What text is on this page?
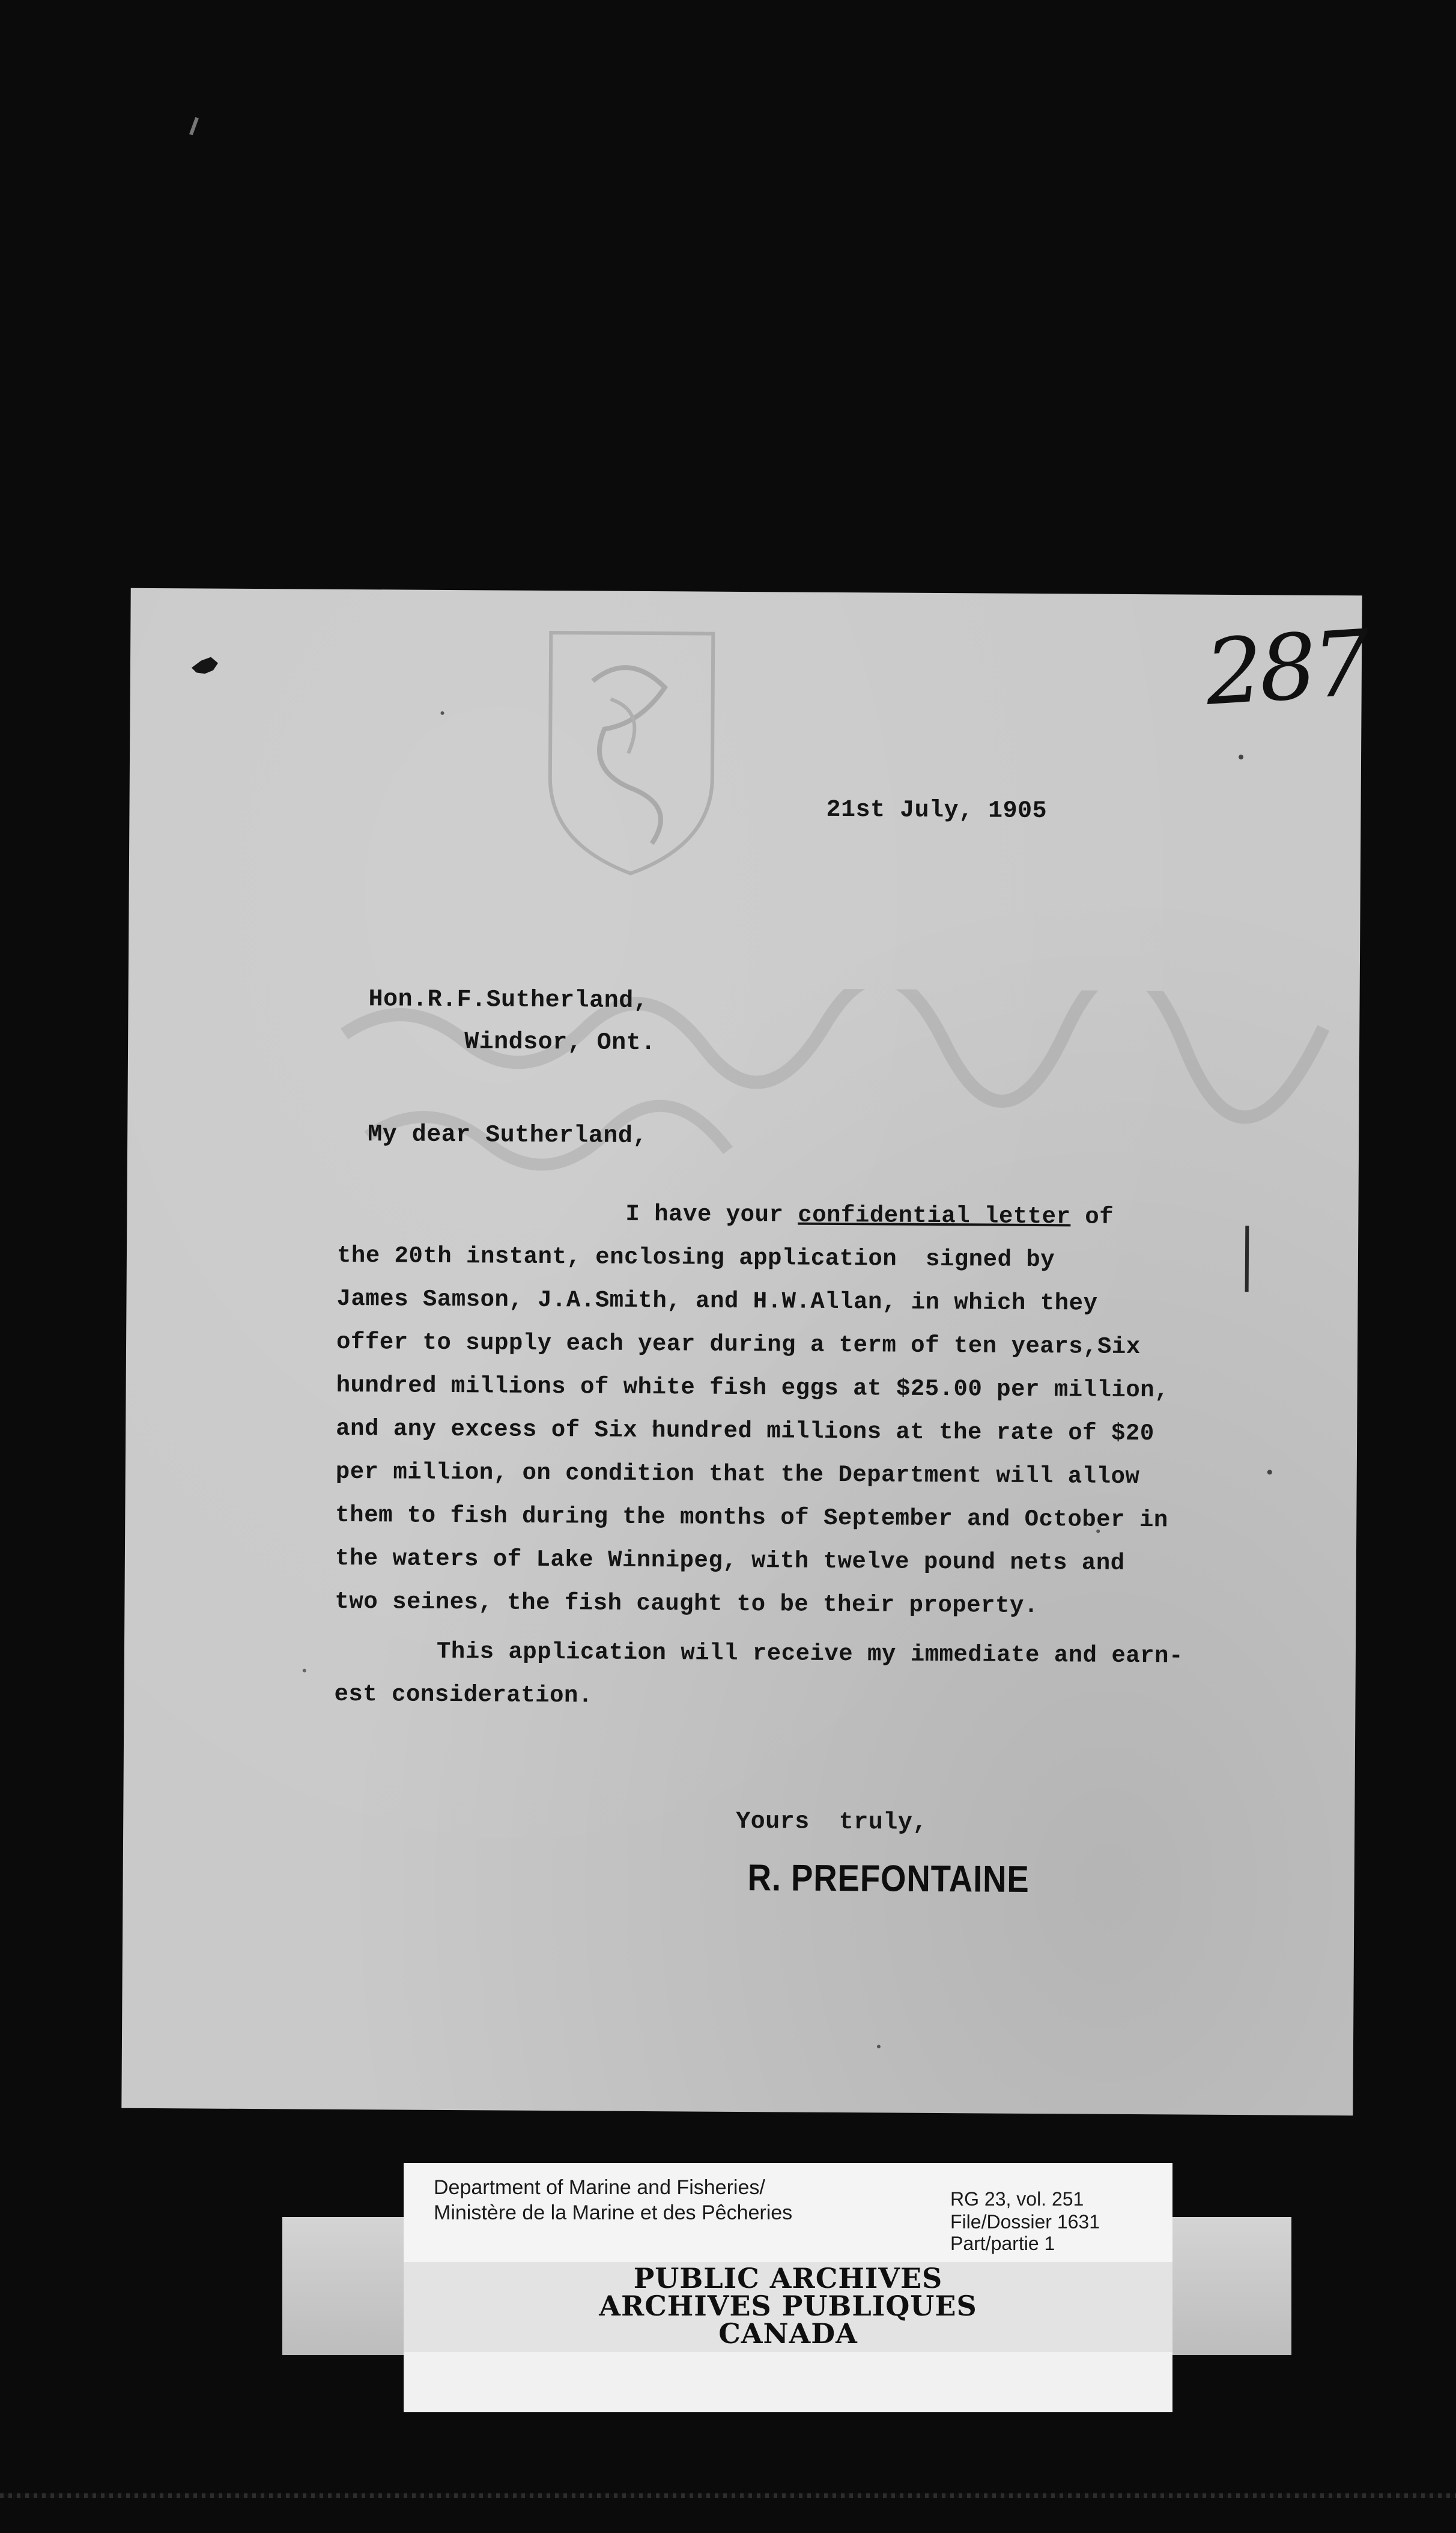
287
21st July, 1905
Hon.R.F.Sutherland,
Windsor, Ont.
My dear Sutherland,
I have your confidential letter of
the 20th instant, enclosing application  signed by
James Samson, J.A.Smith, and H.W.Allan, in which they
offer to supply each year during a term of ten years,Six
hundred millions of white fish eggs at $25.00 per million,
and any excess of Six hundred millions at the rate of $20
per million, on condition that the Department will allow
them to fish during the months of September and October in
the waters of Lake Winnipeg, with twelve pound nets and
two seines, the fish caught to be their property.
This application will receive my immediate and earn-
est consideration.
Yours  truly,
R. PREFONTAINE
Department of Marine and Fisheries/
Ministère de la Marine et des Pêcheries
RG 23, vol. 251
File/Dossier 1631
Part/partie 1
PUBLIC ARCHIVES
ARCHIVES PUBLIQUES
CANADA
